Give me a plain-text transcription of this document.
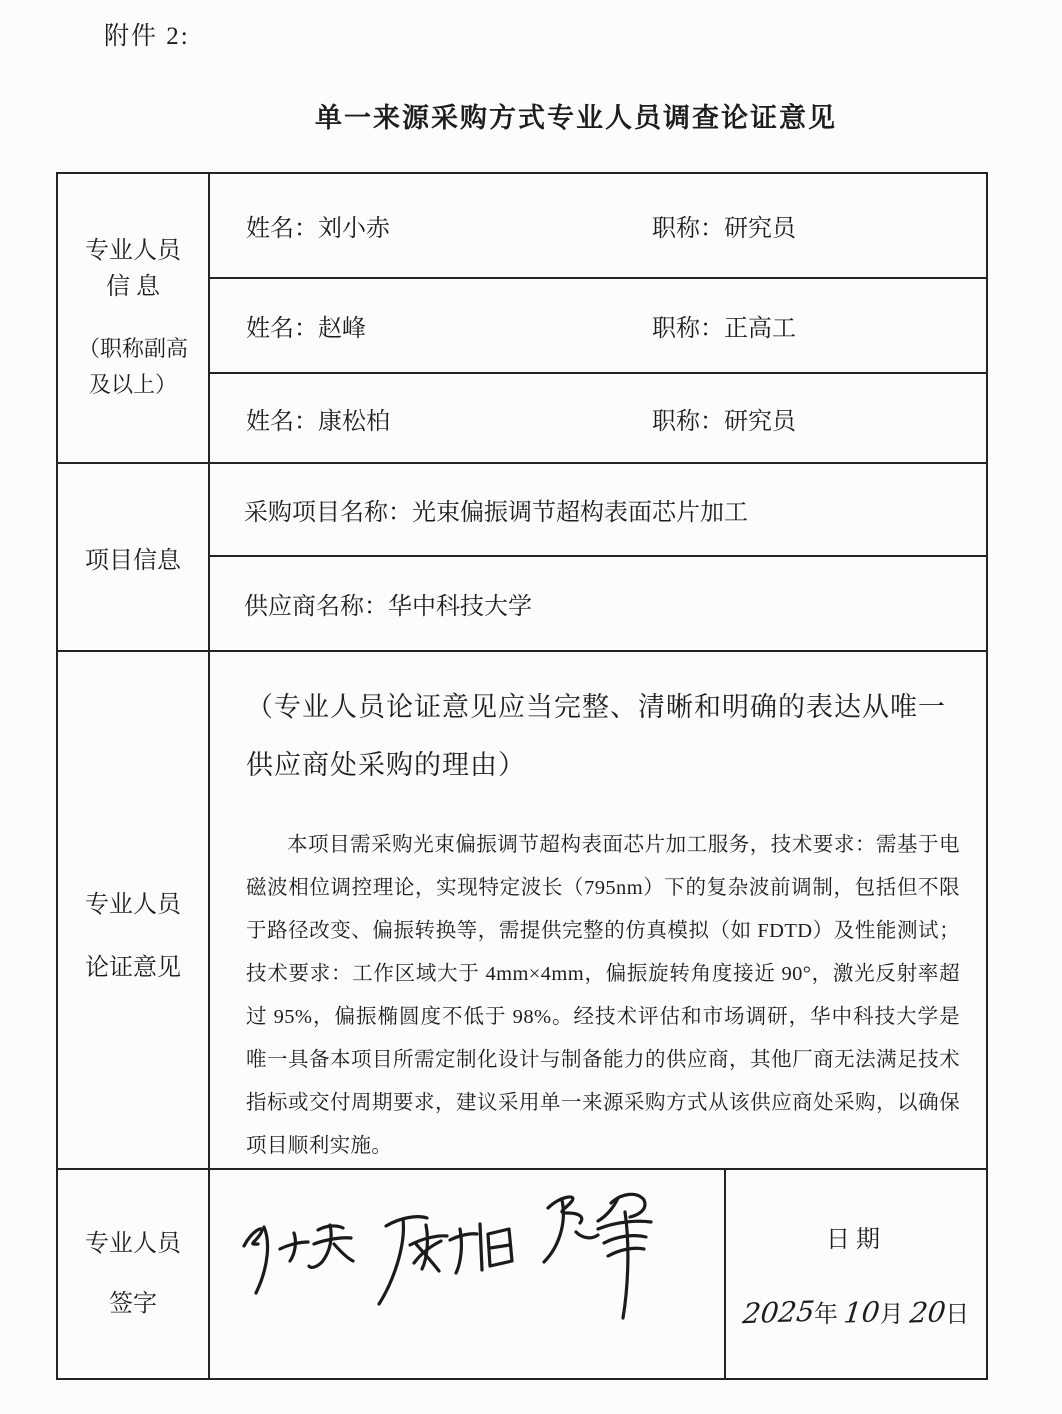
附件 2:
单一来源采购方式专业人员调查论证意见
专业人员
信 息
（职称副高
及以上）	姓名：刘小赤 职称：研究员	

	姓名：赵峰 职称：正高工	

	姓名：康松柏 职称：研究员	

项目信息	采购项目名称：光束偏振调节超构表面芯片加工	

供应商名称：华中科技大学	

专业人员
论证意见

（专业人员论证意见应当完整、清晰和明确的表达从唯一供应商处采购的理由）
本项目需采购光束偏振调节超构表面芯片加工服务，技术要求：需基于电磁波相位调控理论，实现特定波长（795nm）下的复杂波前调制，包括但不限于路径改变、偏振转换等，需提供完整的仿真模拟（如 FDTD）及性能测试；技术要求：工作区域大于 4mm×4mm，偏振旋转角度接近 90°，激光反射率超过 95%，偏振椭圆度不低于 98%。经技术评估和市场调研，华中科技大学是唯一具备本项目所需定制化设计与制备能力的供应商，其他厂商无法满足技术指标或交付周期要求，建议采用单一来源采购方式从该供应商处采购，以确保项目顺利实施。

专业人员
签字		日期
2025年 10月 20日
